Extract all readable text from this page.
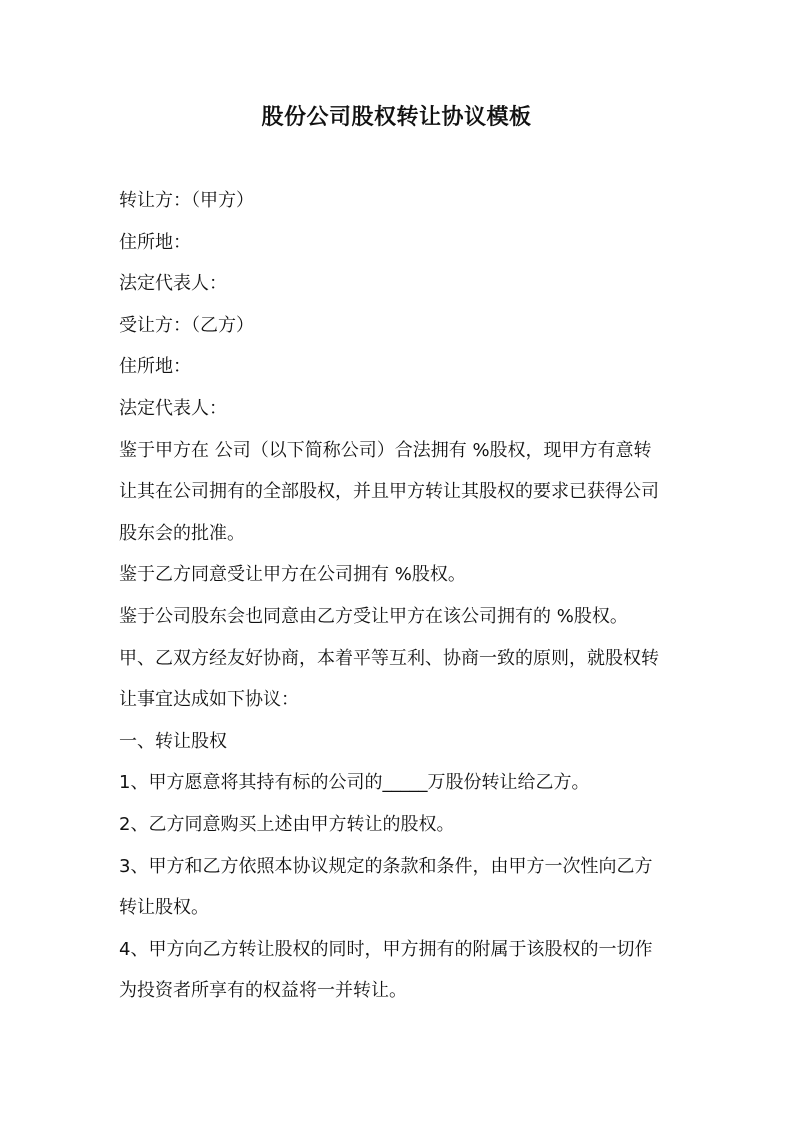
股份公司股权转让协议模板
转让方：（甲方）
住所地：
法定代表人：
受让方：（乙方）
住所地：
法定代表人：
鉴于甲方在 公司（以下简称公司）合法拥有 %股权，现甲方有意转
让其在公司拥有的全部股权，并且甲方转让其股权的要求已获得公司
股东会的批准。
鉴于乙方同意受让甲方在公司拥有 %股权。
鉴于公司股东会也同意由乙方受让甲方在该公司拥有的 %股权。
甲、乙双方经友好协商，本着平等互利、协商一致的原则，就股权转
让事宜达成如下协议：
一、转让股权
1、甲方愿意将其持有标的公司的_____万股份转让给乙方。
2、乙方同意购买上述由甲方转让的股权。
3、甲方和乙方依照本协议规定的条款和条件，由甲方一次性向乙方
转让股权。
4、甲方向乙方转让股权的同时，甲方拥有的附属于该股权的一切作
为投资者所享有的权益将一并转让。
